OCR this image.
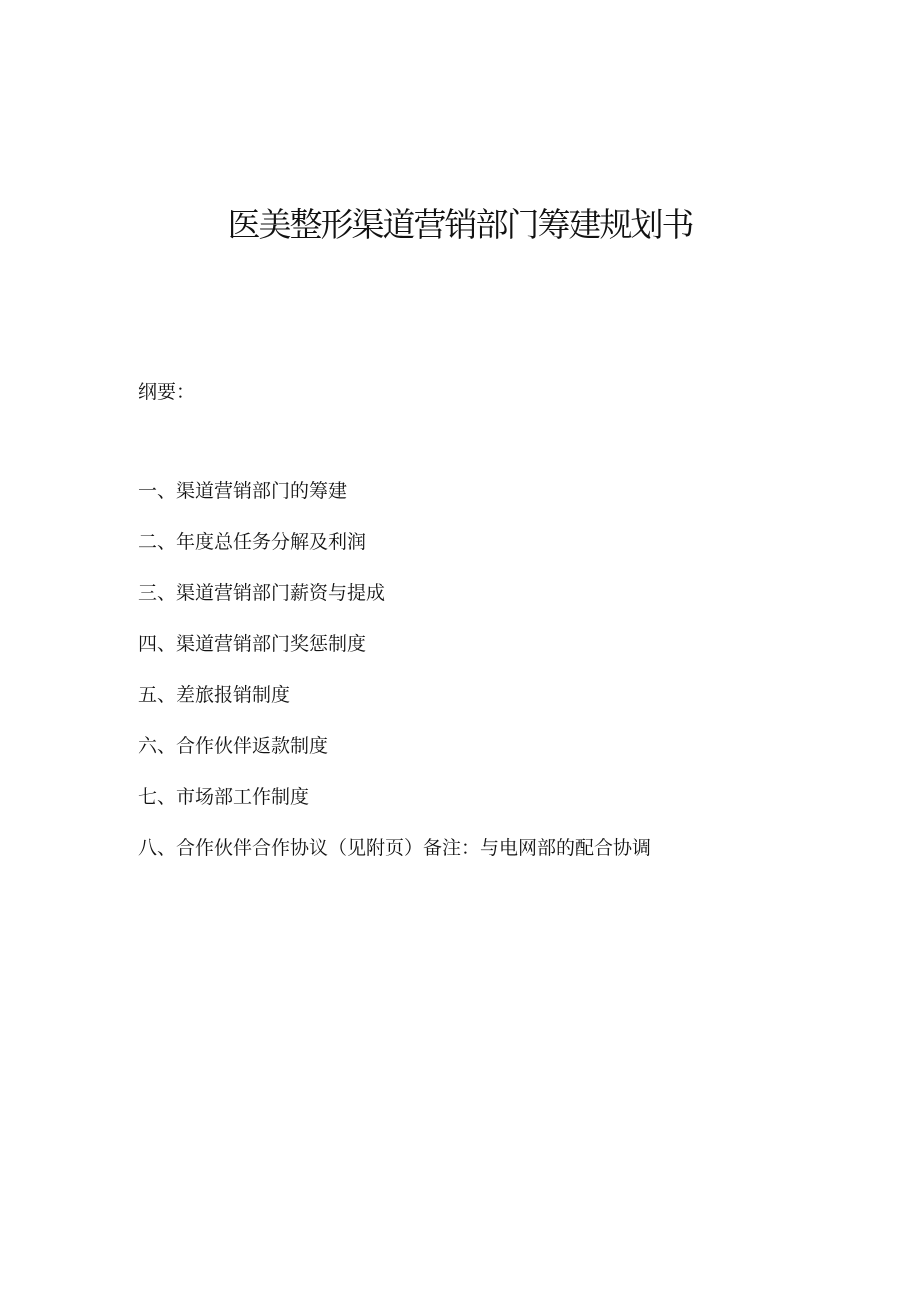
医美整形渠道营销部门筹建规划书

纲要：

一、渠道营销部门的筹建
二、年度总任务分解及利润
三、渠道营销部门薪资与提成
四、渠道营销部门奖惩制度
五、差旅报销制度
六、合作伙伴返款制度
七、市场部工作制度
八、合作伙伴合作协议（见附页）备注：与电网部的配合协调
